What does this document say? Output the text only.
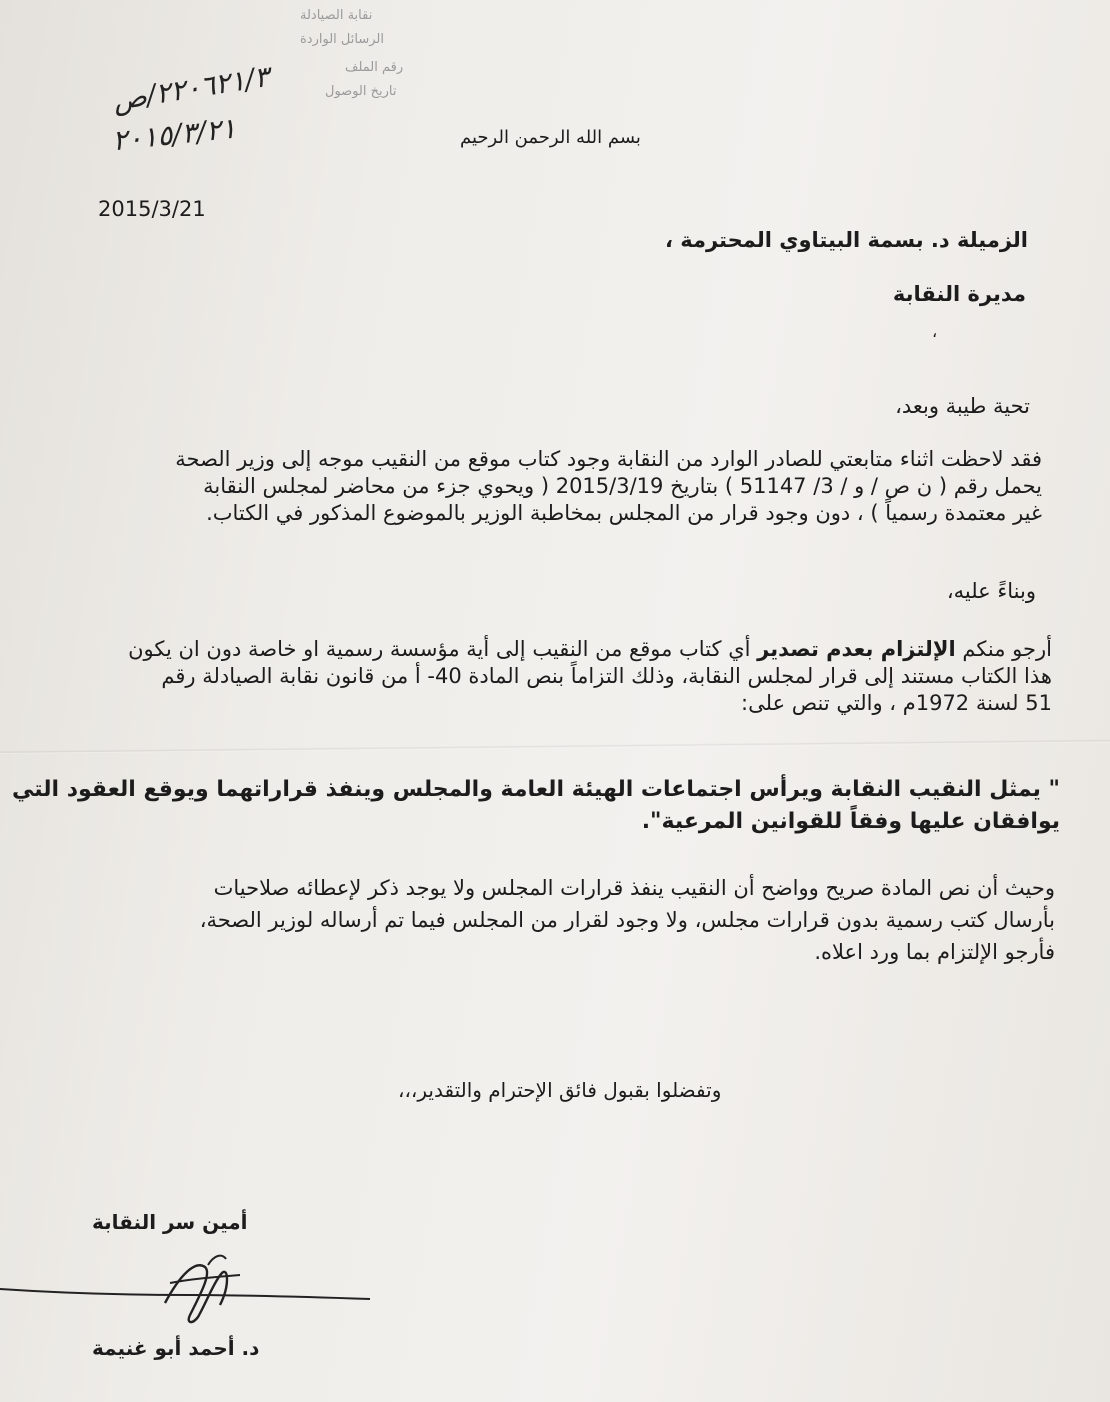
نقابة الصيادلة
الرسائل الواردة
رقم الملف
تاريخ الوصول
٢٢٠٦٢١/٣/ص
٢٠١٥/٣/٢١	بسم الله الرحمن الرحيم
2015/3/21
الزميلة د. بسمة البيتاوي المحترمة ،
مديرة النقابة
،
تحية طيبة وبعد،
فقد لاحظت اثناء متابعتي للصادر الوارد من النقابة وجود كتاب موقع من النقيب موجه إلى وزير الصحة
يحمل رقم ( ن ص / و / 3/ 51147 ) بتاريخ 2015/3/19 ( ويحوي جزء من محاضر لمجلس النقابة
غير معتمدة رسمياً ) ، دون وجود قرار من المجلس بمخاطبة الوزير بالموضوع المذكور في الكتاب.
وبناءً عليه،
أرجو منكم الإلتزام بعدم تصدير أي كتاب موقع من النقيب إلى أية مؤسسة رسمية او خاصة دون ان يكون
هذا الكتاب مستند إلى قرار لمجلس النقابة، وذلك التزاماً بنص المادة 40- أ من قانون نقابة الصيادلة رقم
51 لسنة 1972م ، والتي تنص على:
" يمثل النقيب النقابة ويرأس اجتماعات الهيئة العامة والمجلس وينفذ قراراتهما ويوقع العقود التي
يوافقان عليها وفقاً للقوانين المرعية".
وحيث أن نص المادة صريح وواضح أن النقيب ينفذ قرارات المجلس ولا يوجد ذكر لإعطائه صلاحيات
بأرسال كتب رسمية بدون قرارات مجلس، ولا وجود لقرار من المجلس فيما تم أرساله لوزير الصحة،
فأرجو الإلتزام بما ورد اعلاه.
وتفضلوا بقبول فائق الإحترام والتقدير،،،
أمين سر النقابة
د. أحمد أبو غنيمة
